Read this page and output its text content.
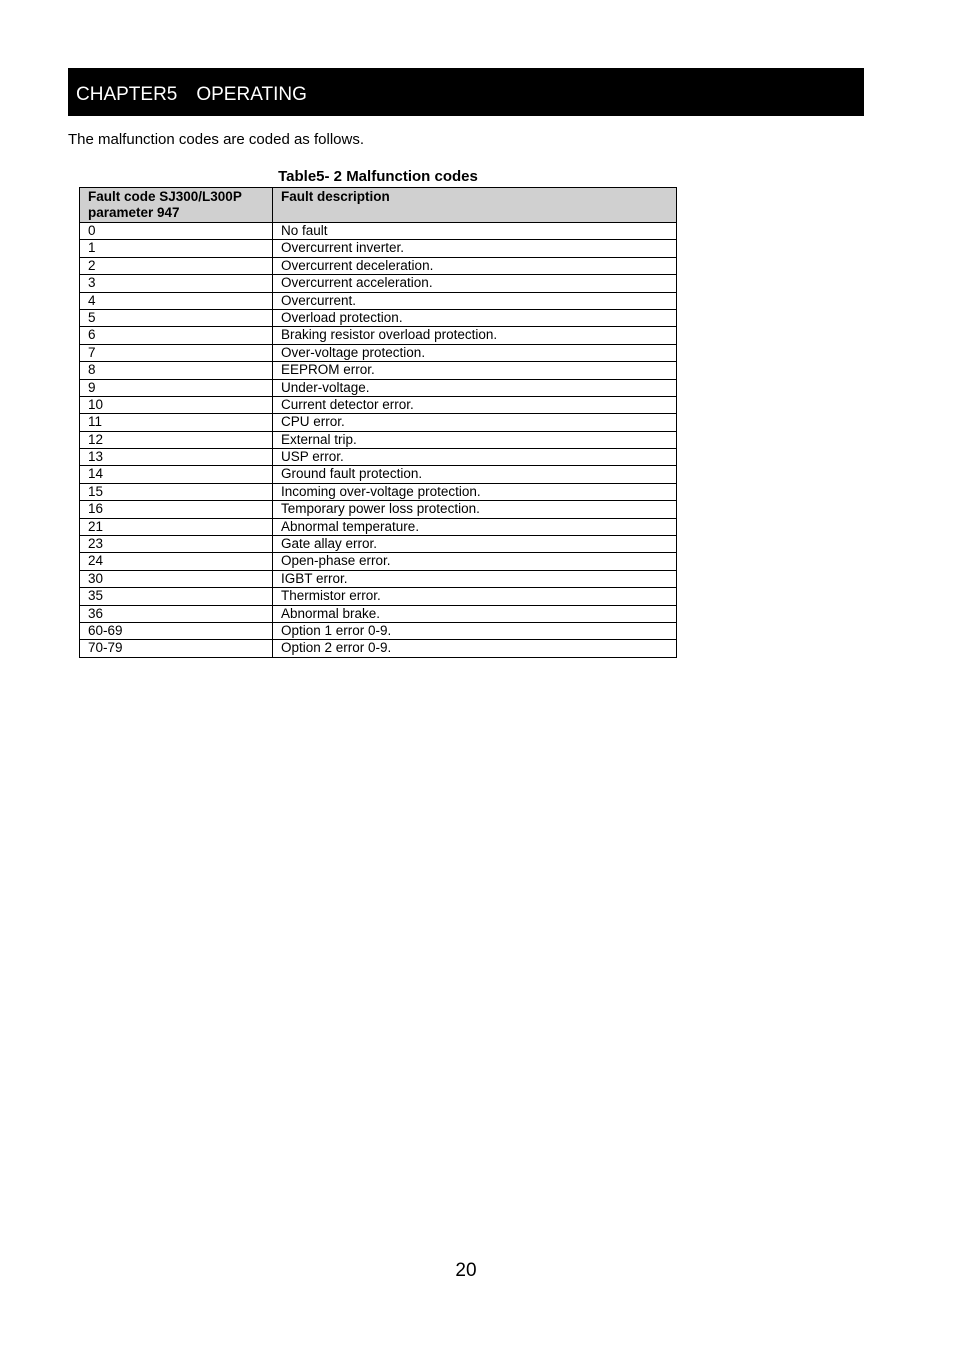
CHAPTER5　OPERATING
The malfunction codes are coded as follows.
Table5- 2 Malfunction codes
Fault code SJ300/L300P parameter 947	Fault description
0	No fault
1	Overcurrent inverter.
2	Overcurrent deceleration.
3	Overcurrent acceleration.
4	Overcurrent.
5	Overload protection.
6	Braking resistor overload protection.
7	Over-voltage protection.
8	EEPROM error.
9	Under-voltage.
10	Current detector error.
11	CPU error.
12	External trip.
13	USP error.
14	Ground fault protection.
15	Incoming over-voltage protection.
16	Temporary power loss protection.
21	Abnormal temperature.
23	Gate allay error.
24	Open-phase error.
30	IGBT error.
35	Thermistor error.
36	Abnormal brake.
60-69	Option 1 error 0-9.
70-79	Option 2 error 0-9.
20
